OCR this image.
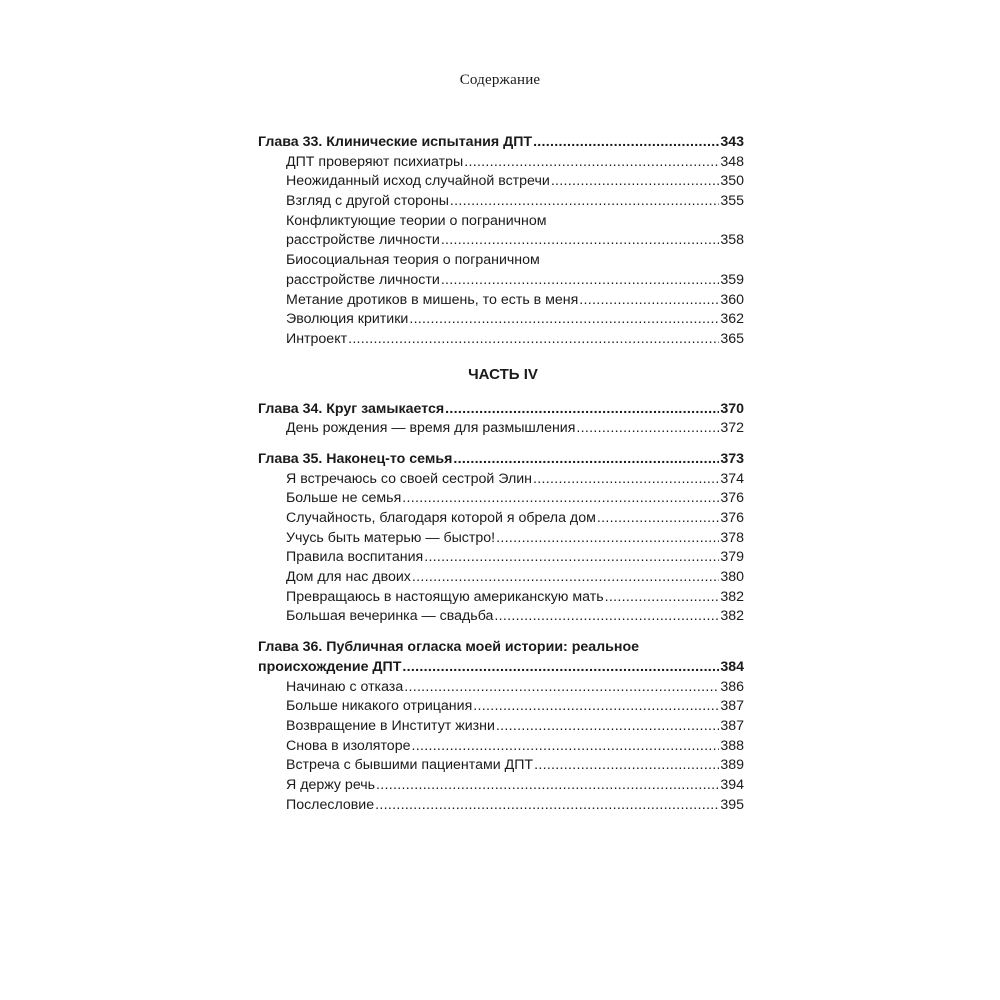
Содержание
Глава 33. Клинические испытания ДПТ .....	343
ДПТ проверяют психиатры .....	348
Неожиданный исход случайной встречи .....	350
Взгляд с другой стороны .....	355
Конфликтующие теории о пограничном
расстройстве личности .....	358
Биосоциальная теория о пограничном
расстройстве личности .....	359
Метание дротиков в мишень, то есть в меня .....	360
Эволюция критики .....	362
Интроект .....	365
ЧАСТЬ IV
Глава 34. Круг замыкается .....	370
День рождения — время для размышления .....	372
Глава 35. Наконец-то семья .....	373
Я встречаюсь со своей сестрой Элин .....	374
Больше не семья .....	376
Случайность, благодаря которой я обрела дом .....	376
Учусь быть матерью — быстро! .....	378
Правила воспитания .....	379
Дом для нас двоих .....	380
Превращаюсь в настоящую американскую мать .....	382
Большая вечеринка — свадьба .....	382
Глава 36. Публичная огласка моей истории: реальное
происхождение ДПТ .....	384
Начинаю с отказа .....	386
Больше никакого отрицания .....	387
Возвращение в Институт жизни .....	387
Снова в изоляторе .....	388
Встреча с бывшими пациентами ДПТ .....	389
Я держу речь .....	394
Послесловие .....	395
